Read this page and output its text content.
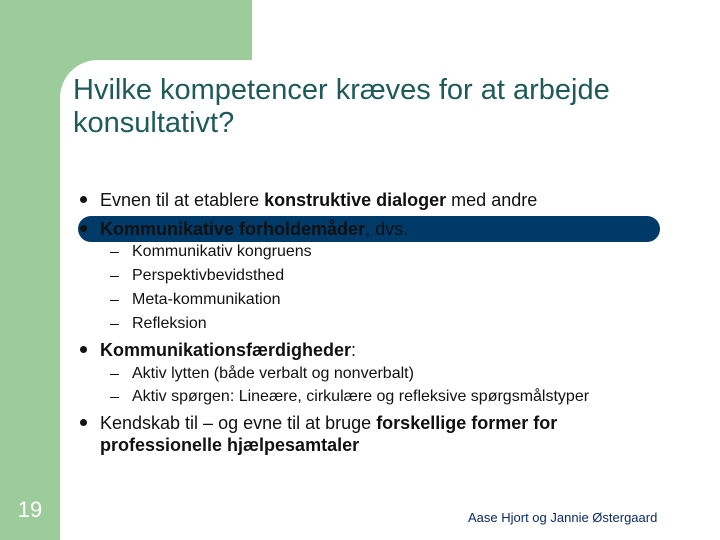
Hvilke kompetencer kræves for at arbejde konsultativt?
Evnen til at etablere konstruktive dialoger med andre
Kommunikative forholdemåder, dvs.
Kommunikativ kongruens
Perspektivbevidsthed
Meta-kommunikation
Refleksion
Kommunikationsfærdigheder:
Aktiv lytten (både verbalt og nonverbalt)
Aktiv spørgen: Lineære, cirkulære og refleksive spørgsmålstyper
Kendskab til – og evne til at bruge forskellige former for
professionelle hjælpesamtaler
19	Aase Hjort og Jannie Østergaard
